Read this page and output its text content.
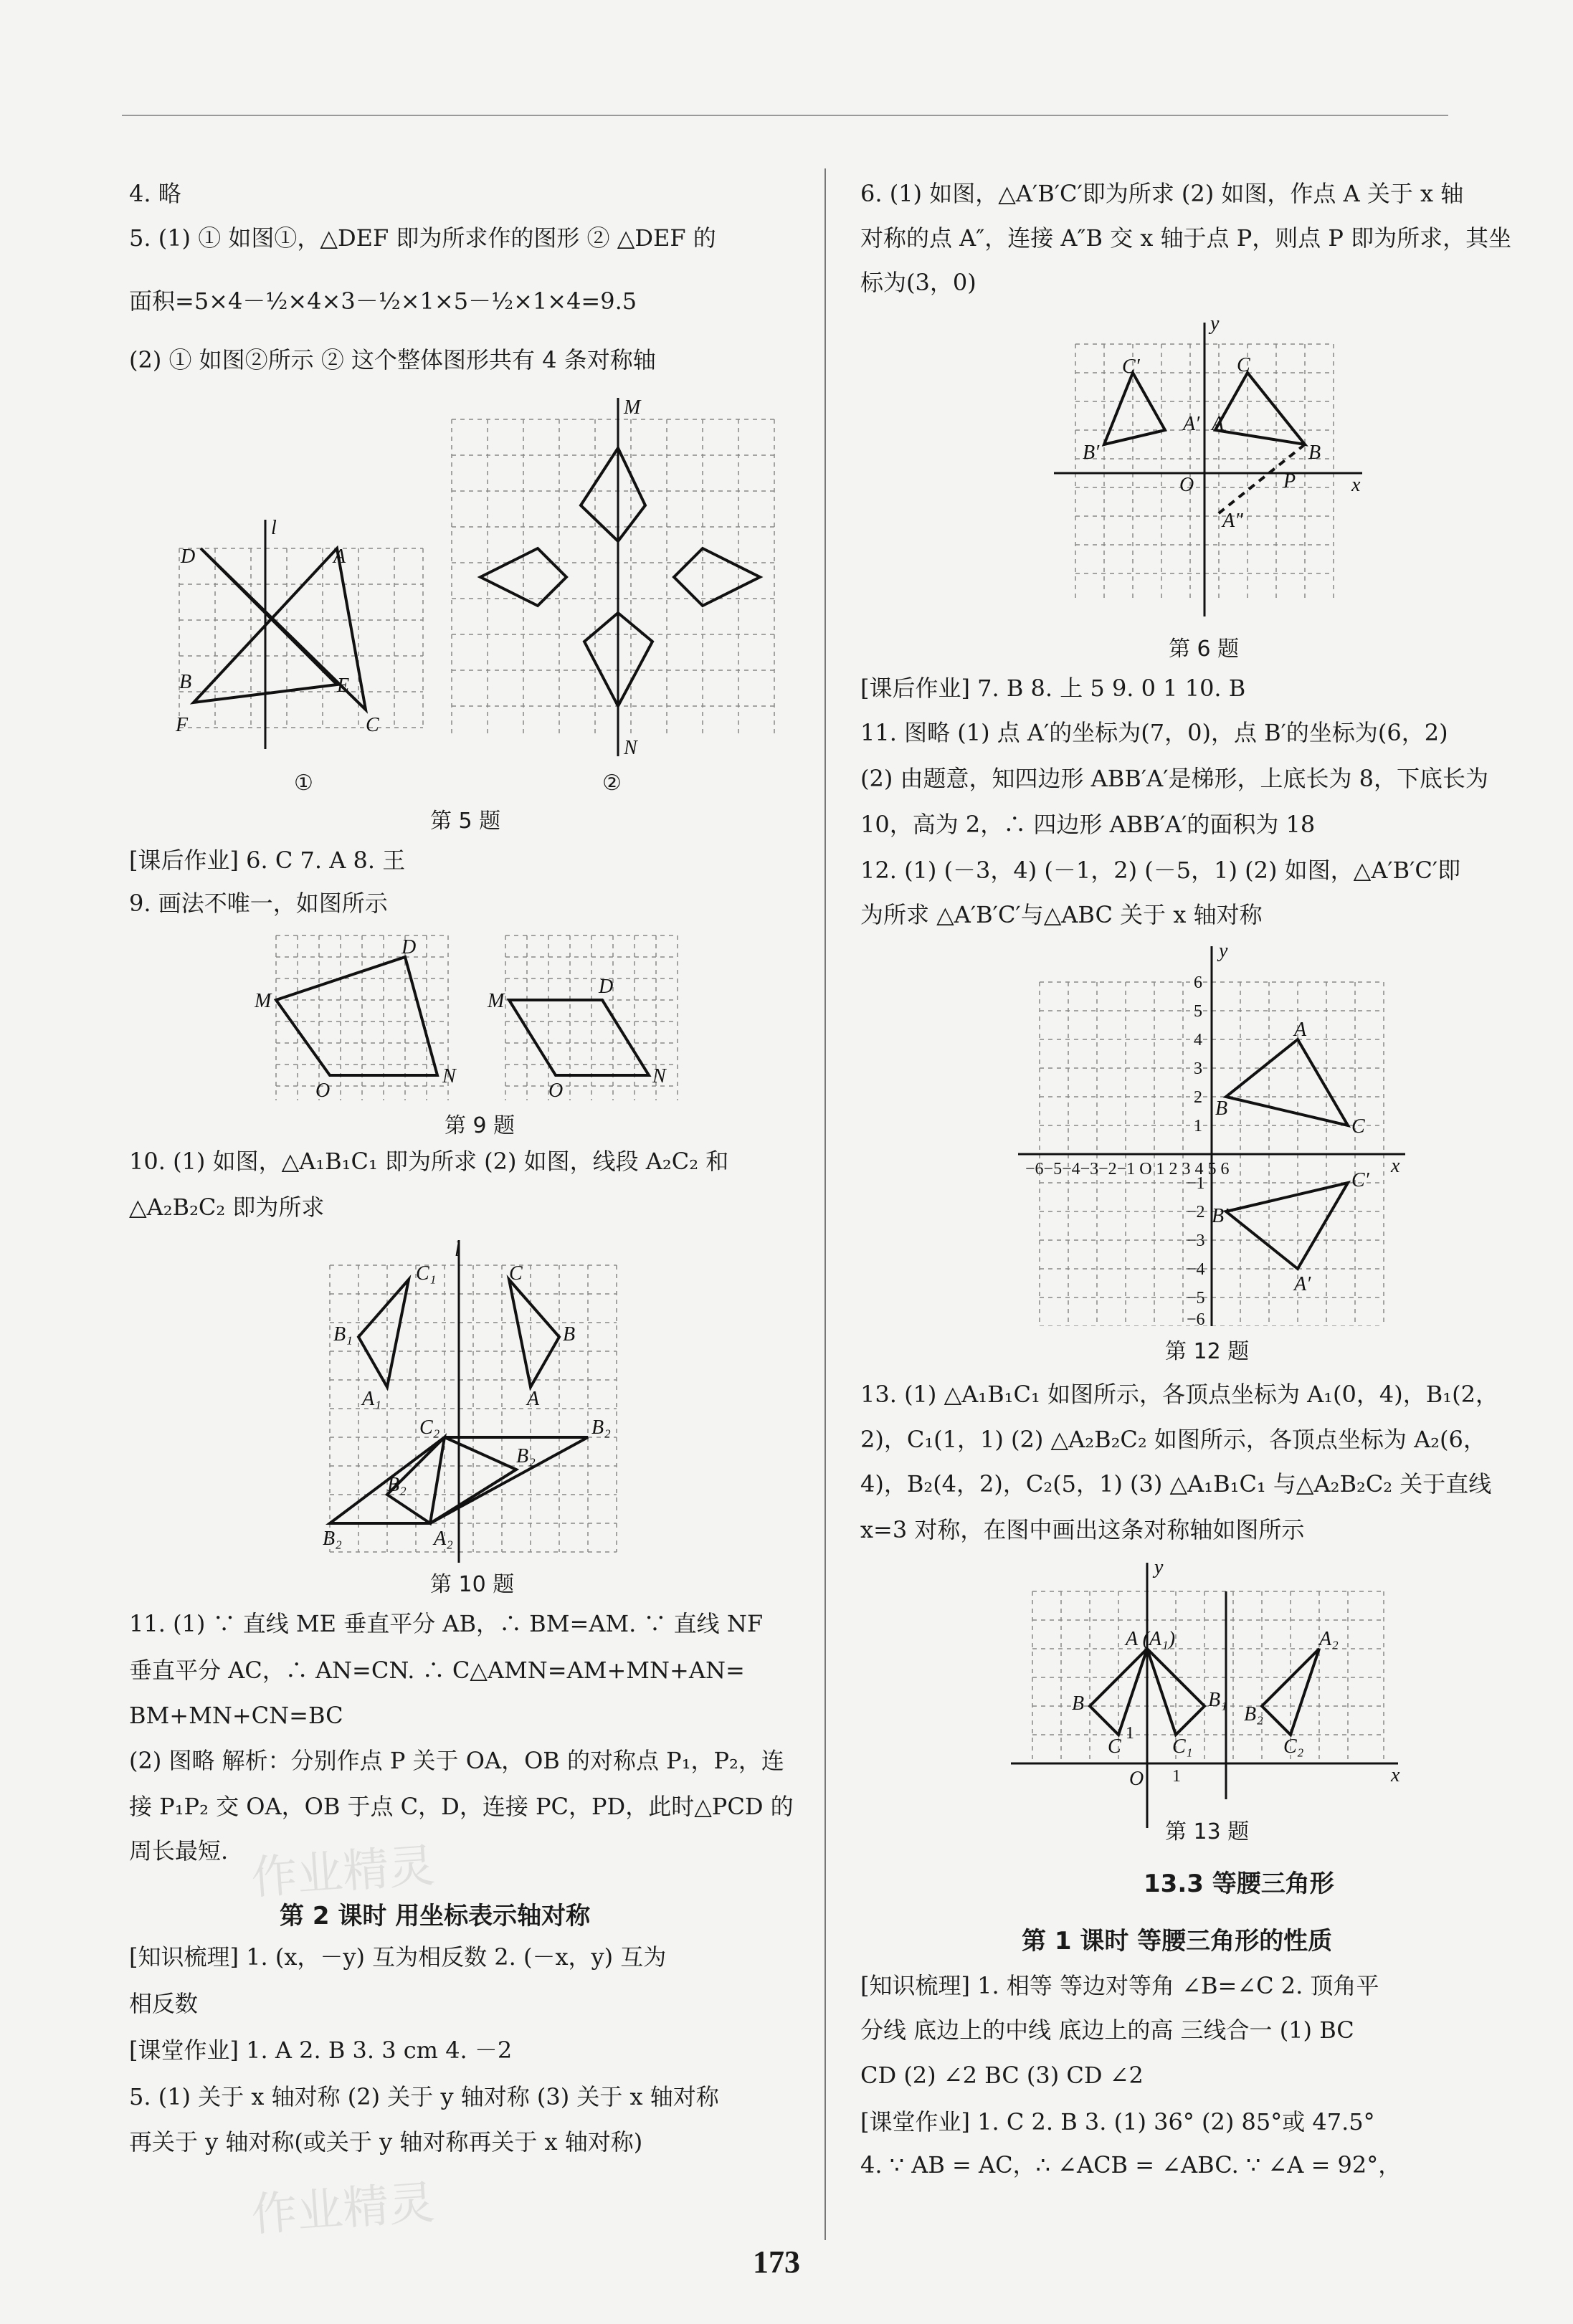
4. 略
5. (1) ① 如图①，△DEF 即为所求作的图形 ② △DEF 的
面积=5×4－½×4×3－½×1×5－½×1×4=9.5
(2) ① 如图②所示 ② 这个整体图形共有 4 条对称轴
l
D	A
B	E
F	C
①
M
N
②
第 5 题
[课后作业] 6. C 7. A 8. 王
9. 画法不唯一，如图所示
M
D
N
O
M
D
N
O
第 9 题
10. (1) 如图，△A₁B₁C₁ 即为所求 (2) 如图，线段 A₂C₂ 和
△A₂B₂C₂ 即为所求
l
C₁
B₁
A₁
C
B
A
C₂	B₂
B₂
B₂
B₂	A₂
第 10 题
11. (1) ∵ 直线 ME 垂直平分 AB，∴ BM=AM. ∵ 直线 NF
垂直平分 AC，∴ AN=CN. ∴ C△AMN=AM+MN+AN=
BM+MN+CN=BC
(2) 图略 解析：分别作点 P 关于 OA，OB 的对称点 P₁，P₂，连
接 P₁P₂ 交 OA，OB 于点 C，D，连接 PC，PD，此时△PCD 的
周长最短. 作业精灵
第 2 课时 用坐标表示轴对称
[知识梳理] 1. (x，－y) 互为相反数 2. (－x，y) 互为
相反数
[课堂作业] 1. A 2. B 3. 3 cm 4. －2
5. (1) 关于 x 轴对称 (2) 关于 y 轴对称 (3) 关于 x 轴对称
再关于 y 轴对称(或关于 y 轴对称再关于 x 轴对称)
作业精灵
6. (1) 如图，△A′B′C′即为所求 (2) 如图，作点 A 关于 x 轴
对称的点 A″，连接 A″B 交 x 轴于点 P，则点 P 即为所求，其坐
标为(3，0)
y
x
O
C′	C
B′	B
A′ A
P
A″
第 6 题
[课后作业] 7. B 8. 上 5 9. 0 1 10. B
11. 图略 (1) 点 A′的坐标为(7，0)，点 B′的坐标为(6，2)
(2) 由题意，知四边形 ABB′A′是梯形，上底长为 8，下底长为
10，高为 2，∴ 四边形 ABB′A′的面积为 18
12. (1) (－3，4) (－1，2) (－5，1) (2) 如图，△A′B′C′即
为所求 △A′B′C′与△ABC 关于 x 轴对称
y
x
−6−5−4−3−2−1 O 1 2 3 4 5 6
6
5
4
3
2
1
−1
−2
−3
−4
−5
−6
A
B
C
A′
B′
C′
第 12 题
13. (1) △A₁B₁C₁ 如图所示，各顶点坐标为 A₁(0，4)，B₁(2，
2)，C₁(1，1) (2) △A₂B₂C₂ 如图所示，各顶点坐标为 A₂(6，
4)，B₂(4，2)，C₂(5，1) (3) △A₁B₁C₁ 与△A₂B₂C₂ 关于直线
x=3 对称，在图中画出这条对称轴如图所示
y
x
O
1
1
A (A₁)	A₂
B	B₁
B₂
C	C₁	C₂
第 13 题
13.3 等腰三角形
第 1 课时 等腰三角形的性质
[知识梳理] 1. 相等 等边对等角 ∠B=∠C 2. 顶角平
分线 底边上的中线 底边上的高 三线合一 (1) BC
CD (2) ∠2 BC (3) CD ∠2
[课堂作业] 1. C 2. B 3. (1) 36° (2) 85°或 47.5°
4. ∵ AB = AC，∴ ∠ACB = ∠ABC. ∵ ∠A = 92°，
173
